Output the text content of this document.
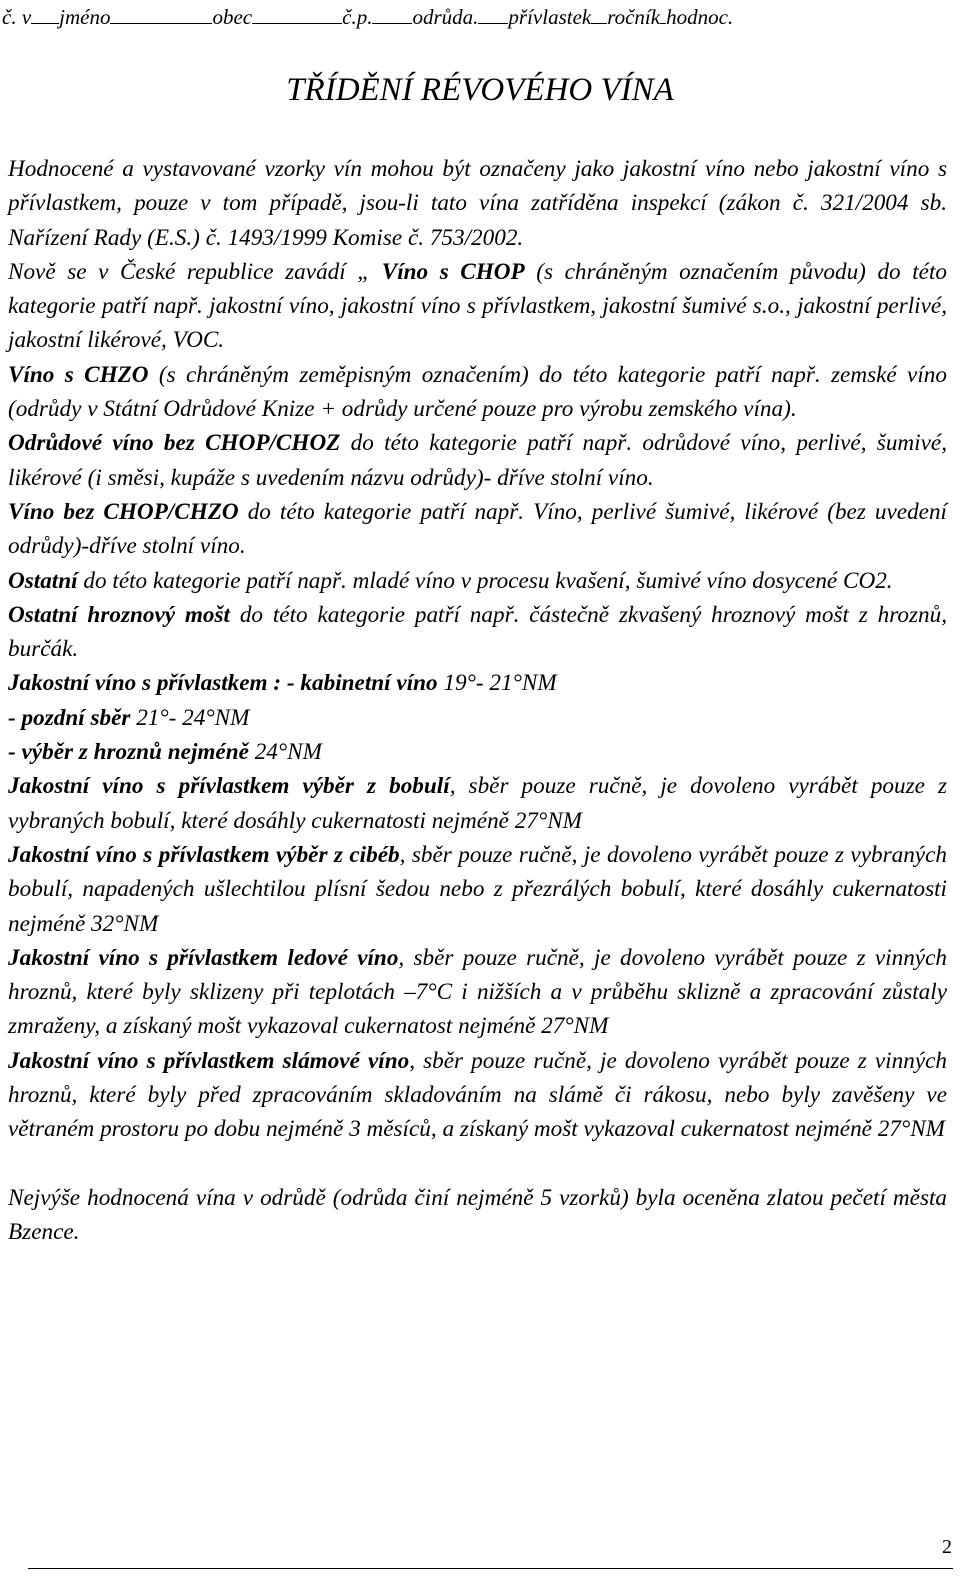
č. v jméno	obec	č.p. odrůda. přívlastek ročník hodnoc.
TŘÍDĚNÍ RÉVOVÉHO VÍNA

Hodnocené a vystavované vzorky vín mohou být označeny jako jakostní víno nebo jakostní víno s přívlastkem, pouze v tom případě, jsou-li tato vína zatříděna inspekcí (zákon č. 321/2004 sb. Nařízení Rady (E.S.) č. 1493/1999 Komise č. 753/2002.

Nově se v České republice zavádí „ Víno s CHOP (s chráněným označením původu) do této kategorie patří např. jakostní víno, jakostní víno s přívlastkem, jakostní šumivé s.o., jakostní perlivé, jakostní likérové, VOC.

Víno s CHZO (s chráněným zeměpisným označením) do této kategorie patří např. zemské víno (odrůdy v Státní Odrůdové Knize + odrůdy určené pouze pro výrobu zemského vína).

Odrůdové víno bez CHOP/CHOZ do této kategorie patří např. odrůdové víno, perlivé, šumivé, likérové (i směsi, kupáže s uvedením názvu odrůdy)- dříve stolní víno.

Víno bez CHOP/CHZO do této kategorie patří např. Víno, perlivé šumivé, likérové (bez uvedení odrůdy)-dříve stolní víno.

Ostatní do této kategorie patří např. mladé víno v procesu kvašení, šumivé víno dosycené CO2.

Ostatní hroznový mošt do této kategorie patří např. částečně zkvašený hroznový mošt z hroznů, burčák.

Jakostní víno s přívlastkem : - kabinetní víno 19°- 21°NM

- pozdní sběr 21°- 24°NM

- výběr z hroznů nejméně 24°NM

Jakostní víno s přívlastkem výběr z bobulí, sběr pouze ručně, je dovoleno vyrábět pouze z vybraných bobulí, které dosáhly cukernatosti nejméně 27°NM

Jakostní víno s přívlastkem výběr z cibéb, sběr pouze ručně, je dovoleno vyrábět pouze z vybraných bobulí, napadených ušlechtilou plísní šedou nebo z přezrálých bobulí, které dosáhly cukernatosti nejméně 32°NM

Jakostní víno s přívlastkem ledové víno, sběr pouze ručně, je dovoleno vyrábět pouze z vinných hroznů, které byly sklizeny při teplotách –7°C i nižších a v průběhu sklizně a zpracování zůstaly zmraženy, a získaný mošt vykazoval cukernatost nejméně 27°NM

Jakostní víno s přívlastkem slámové víno, sběr pouze ručně, je dovoleno vyrábět pouze z vinných hroznů, které byly před zpracováním skladováním na slámě či rákosu, nebo byly zavěšeny ve větraném prostoru po dobu nejméně 3 měsíců, a získaný mošt vykazoval cukernatost nejméně 27°NM

Nejvýše hodnocená vína v odrůdě (odrůda činí nejméně 5 vzorků) byla oceněna zlatou pečetí města Bzence.

2
